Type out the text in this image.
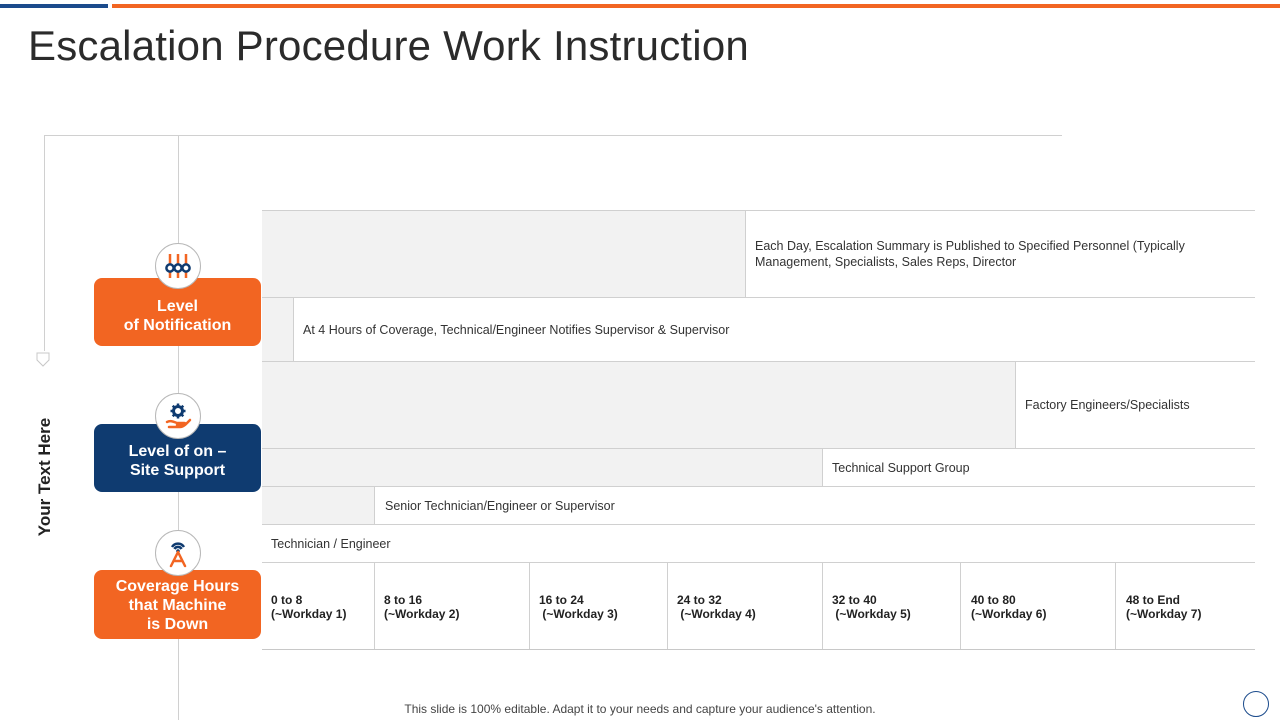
Escalation Procedure Work Instruction
Your Text Here
Level
of Notification
Level of on –
Site Support
Coverage Hours
that Machine
is Down
Each Day, Escalation Summary is Published to Specified Personnel (Typically Management, Specialists, Sales Reps, Director
At 4 Hours of Coverage, Technical/Engineer Notifies Supervisor & Supervisor
Factory Engineers/Specialists
Technical Support Group
Senior Technician/Engineer or Supervisor
Technician / Engineer
0 to 8
(~Workday 1)
8 to 16
(~Workday 2)
16 to 24
(~Workday 3)
24 to 32
(~Workday 4)
32 to 40
(~Workday 5)
40 to 80
(~Workday 6)
48 to End
(~Workday 7)
This slide is 100% editable. Adapt it to your needs and capture your audience's attention.
